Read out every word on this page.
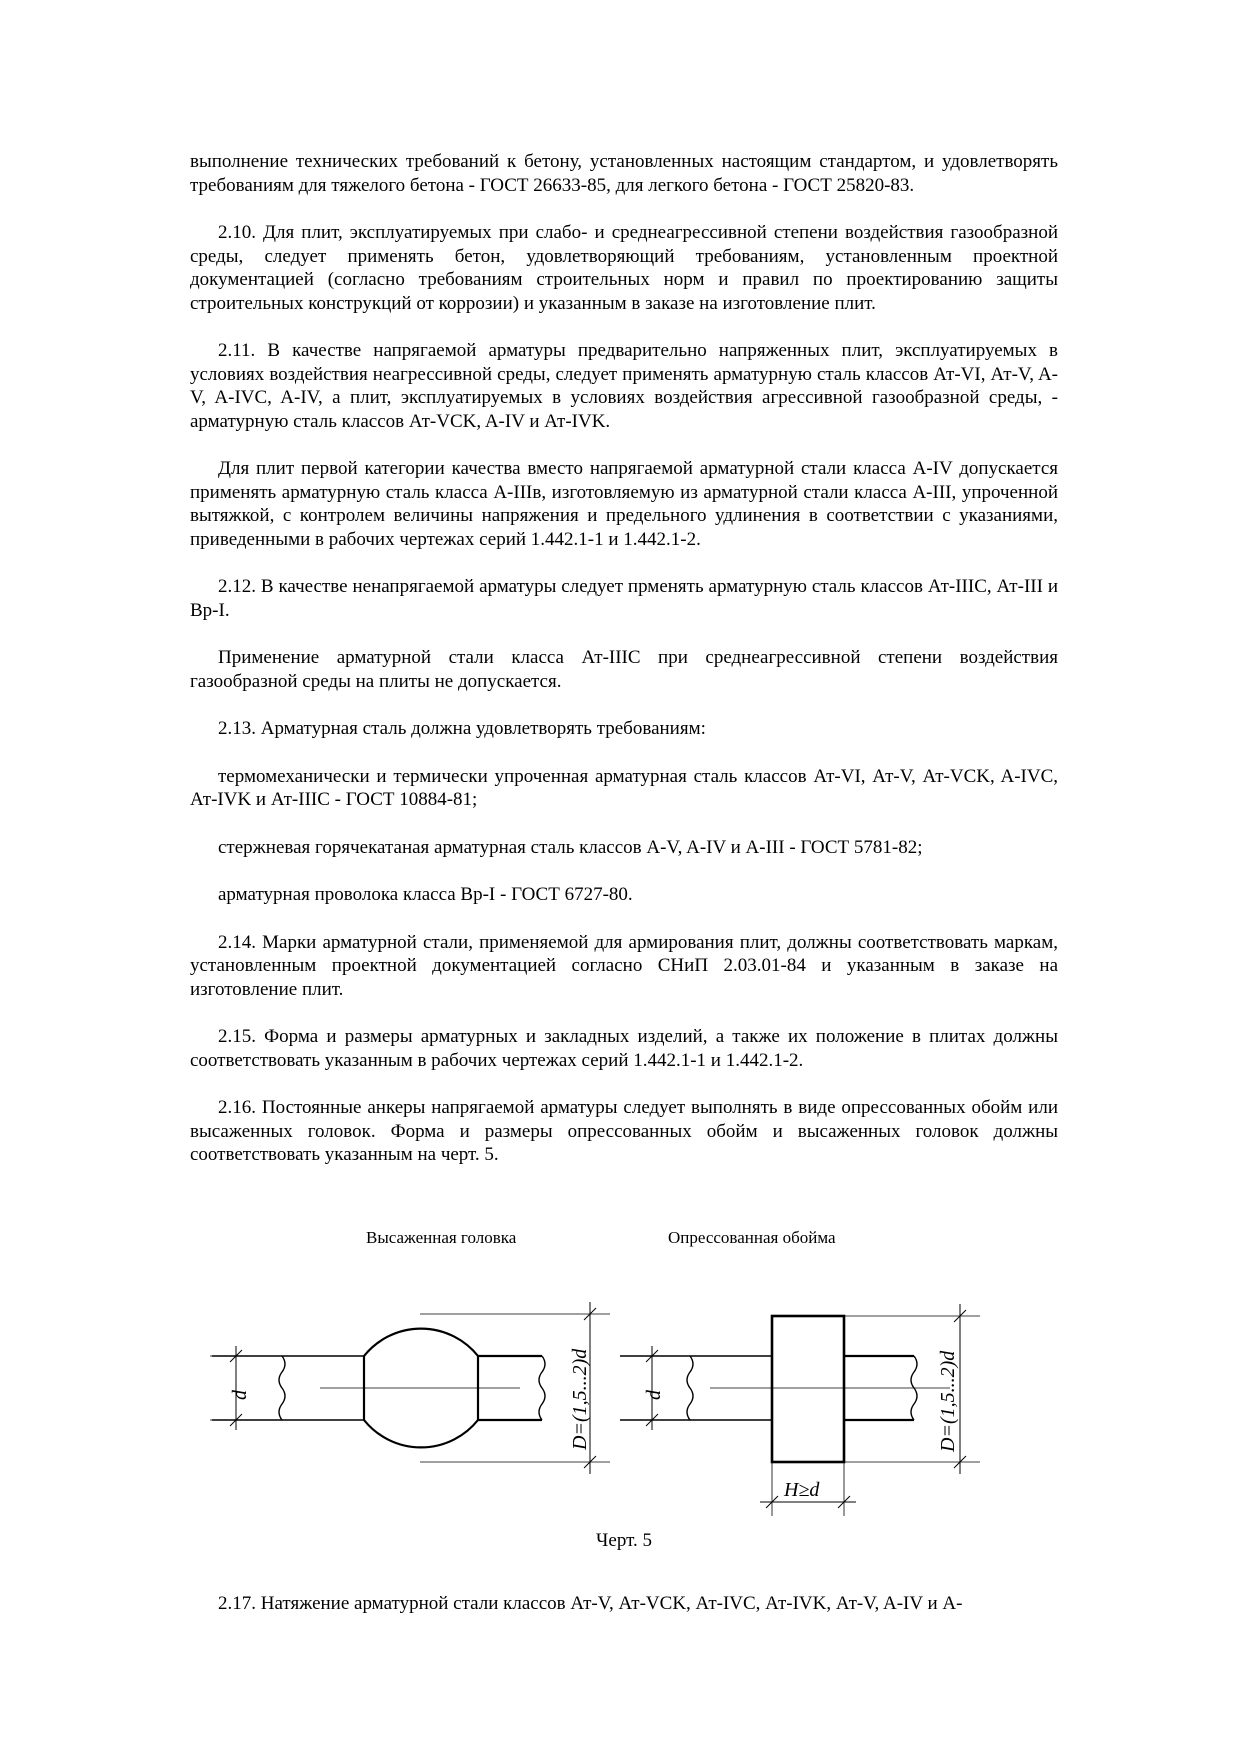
выполнение технических требований к бетону, установленных настоящим стандартом, и удовлетворять требованиям для тяжелого бетона - ГОСТ 26633-85, для легкого бетона - ГОСТ 25820-83.

2.10. Для плит, эксплуатируемых при слабо- и среднеагрессивной степени воздействия газообразной среды, следует применять бетон, удовлетворяющий требованиям, установленным проектной документацией (согласно требованиям строительных норм и правил по проектированию защиты строительных конструкций от коррозии) и указанным в заказе на изготовление плит.

2.11. В качестве напрягаемой арматуры предварительно напряженных плит, эксплуатируемых в условиях воздействия неагрессивной среды, следует применять арматурную сталь классов Ат-VI, Ат-V, A-V, A-IVC, A-IV, а плит, эксплуатируемых в условиях воздействия агрессивной газообразной среды, - арматурную сталь классов Ат-VCK, A-IV и Ат-IVK.

Для плит первой категории качества вместо напрягаемой арматурной стали класса A-IV допускается применять арматурную сталь класса A-IIIв, изготовляемую из арматурной стали класса A-III, упроченной вытяжкой, с контролем величины напряжения и предельного удлинения в соответствии с указаниями, приведенными в рабочих чертежах серий 1.442.1-1 и 1.442.1-2.

2.12. В качестве ненапрягаемой арматуры следует прменять арматурную сталь классов Ат-IIIC, Ат-III и Вр-I.

Применение арматурной стали класса Ат-IIIC при среднеагрессивной степени воздействия газообразной среды на плиты не допускается.

2.13. Арматурная сталь должна удовлетворять требованиям:

термомеханически и термически упроченная арматурная сталь классов Ат-VI, Ат-V, Ат-VCK, A-IVC, Ат-IVK и Ат-IIIC - ГОСТ 10884-81;

стержневая горячекатаная арматурная сталь классов A-V, A-IV и A-III - ГОСТ 5781-82;

арматурная проволока класса Вр-I - ГОСТ 6727-80.

2.14. Марки арматурной стали, применяемой для армирования плит, должны соответствовать маркам, установленным проектной документацией согласно СНиП 2.03.01-84 и указанным в заказе на изготовление плит.

2.15. Форма и размеры арматурных и закладных изделий, а также их положение в плитах должны соответствовать указанным в рабочих чертежах серий 1.442.1-1 и 1.442.1-2.

2.16. Постоянные анкеры напрягаемой арматуры следует выполнять в виде опрессованных обойм или высаженных головок. Форма и размеры опрессованных обойм и высаженных головок должны соответствовать указанным на черт. 5.

Высаженная головка	Опрессованная обойма
d	D=(1,5...2)d	d	D=(1,5...2)d
H≥d
Черт. 5

2.17. Натяжение арматурной стали классов Ат-V, Ат-VCK, Ат-IVC, Ат-IVK, Ат-V, A-IV и А-
